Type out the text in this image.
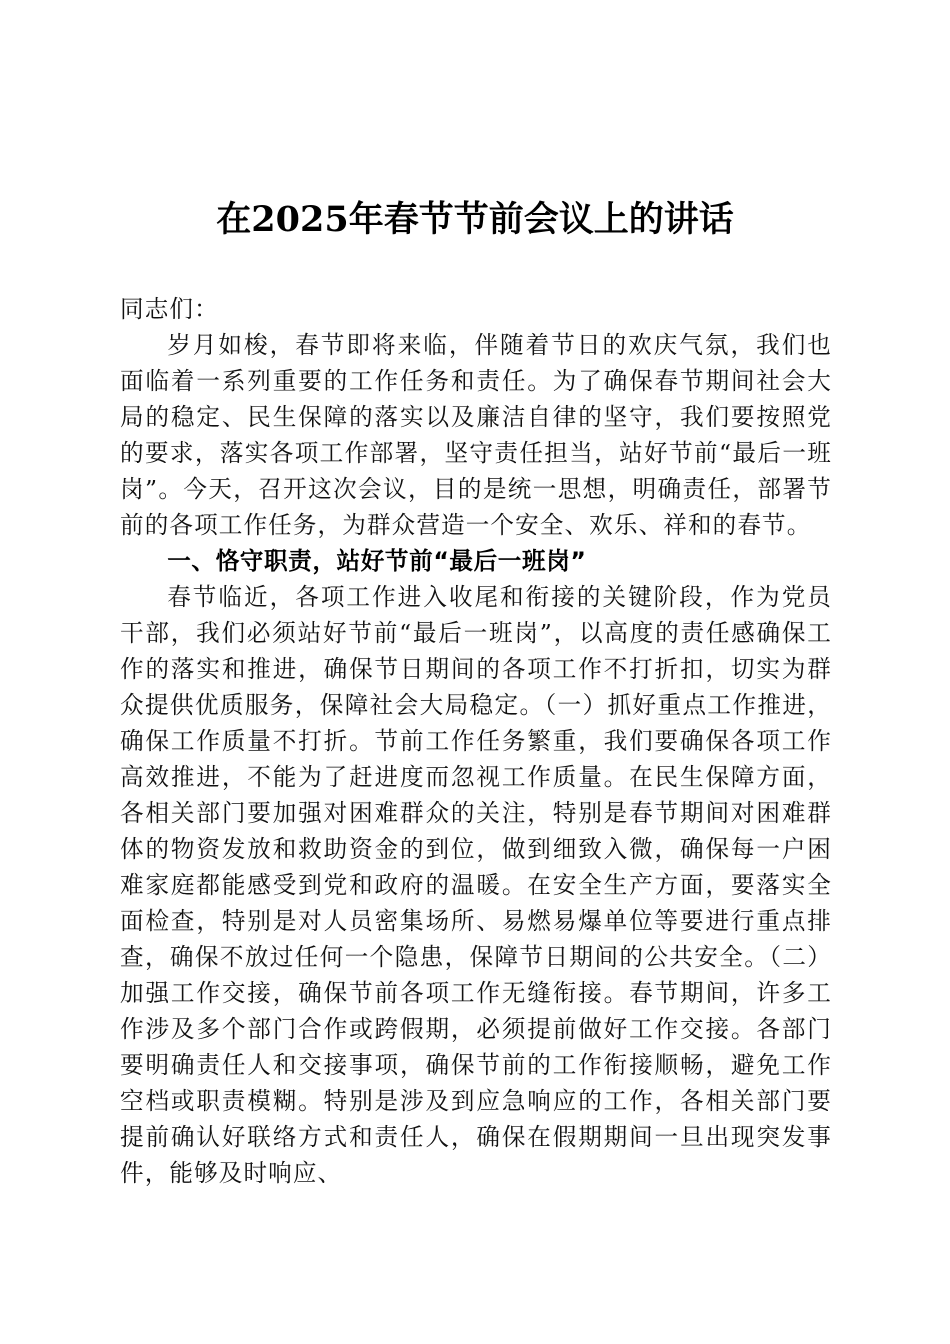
在2025年春节节前会议上的讲话

同志们：

岁月如梭，春节即将来临，伴随着节日的欢庆气氛，我们也面临着一系列重要的工作任务和责任。为了确保春节期间社会大局的稳定、民生保障的落实以及廉洁自律的坚守，我们要按照党的要求，落实各项工作部署，坚守责任担当，站好节前“最后一班岗”。今天，召开这次会议，目的是统一思想，明确责任，部署节前的各项工作任务，为群众营造一个安全、欢乐、祥和的春节。

一、恪守职责，站好节前“最后一班岗”

春节临近，各项工作进入收尾和衔接的关键阶段，作为党员干部，我们必须站好节前“最后一班岗”，以高度的责任感确保工作的落实和推进，确保节日期间的各项工作不打折扣，切实为群众提供优质服务，保障社会大局稳定。（一）抓好重点工作推进，确保工作质量不打折。节前工作任务繁重，我们要确保各项工作高效推进，不能为了赶进度而忽视工作质量。在民生保障方面，各相关部门要加强对困难群众的关注，特别是春节期间对困难群体的物资发放和救助资金的到位，做到细致入微，确保每一户困难家庭都能感受到党和政府的温暖。在安全生产方面，要落实全面检查，特别是对人员密集场所、易燃易爆单位等要进行重点排查，确保不放过任何一个隐患，保障节日期间的公共安全。（二）加强工作交接，确保节前各项工作无缝衔接。春节期间，许多工作涉及多个部门合作或跨假期，必须提前做好工作交接。各部门要明确责任人和交接事项，确保节前的工作衔接顺畅，避免工作空档或职责模糊。特别是涉及到应急响应的工作，各相关部门要提前确认好联络方式和责任人，确保在假期期间一旦出现突发事件，能够及时响应、
